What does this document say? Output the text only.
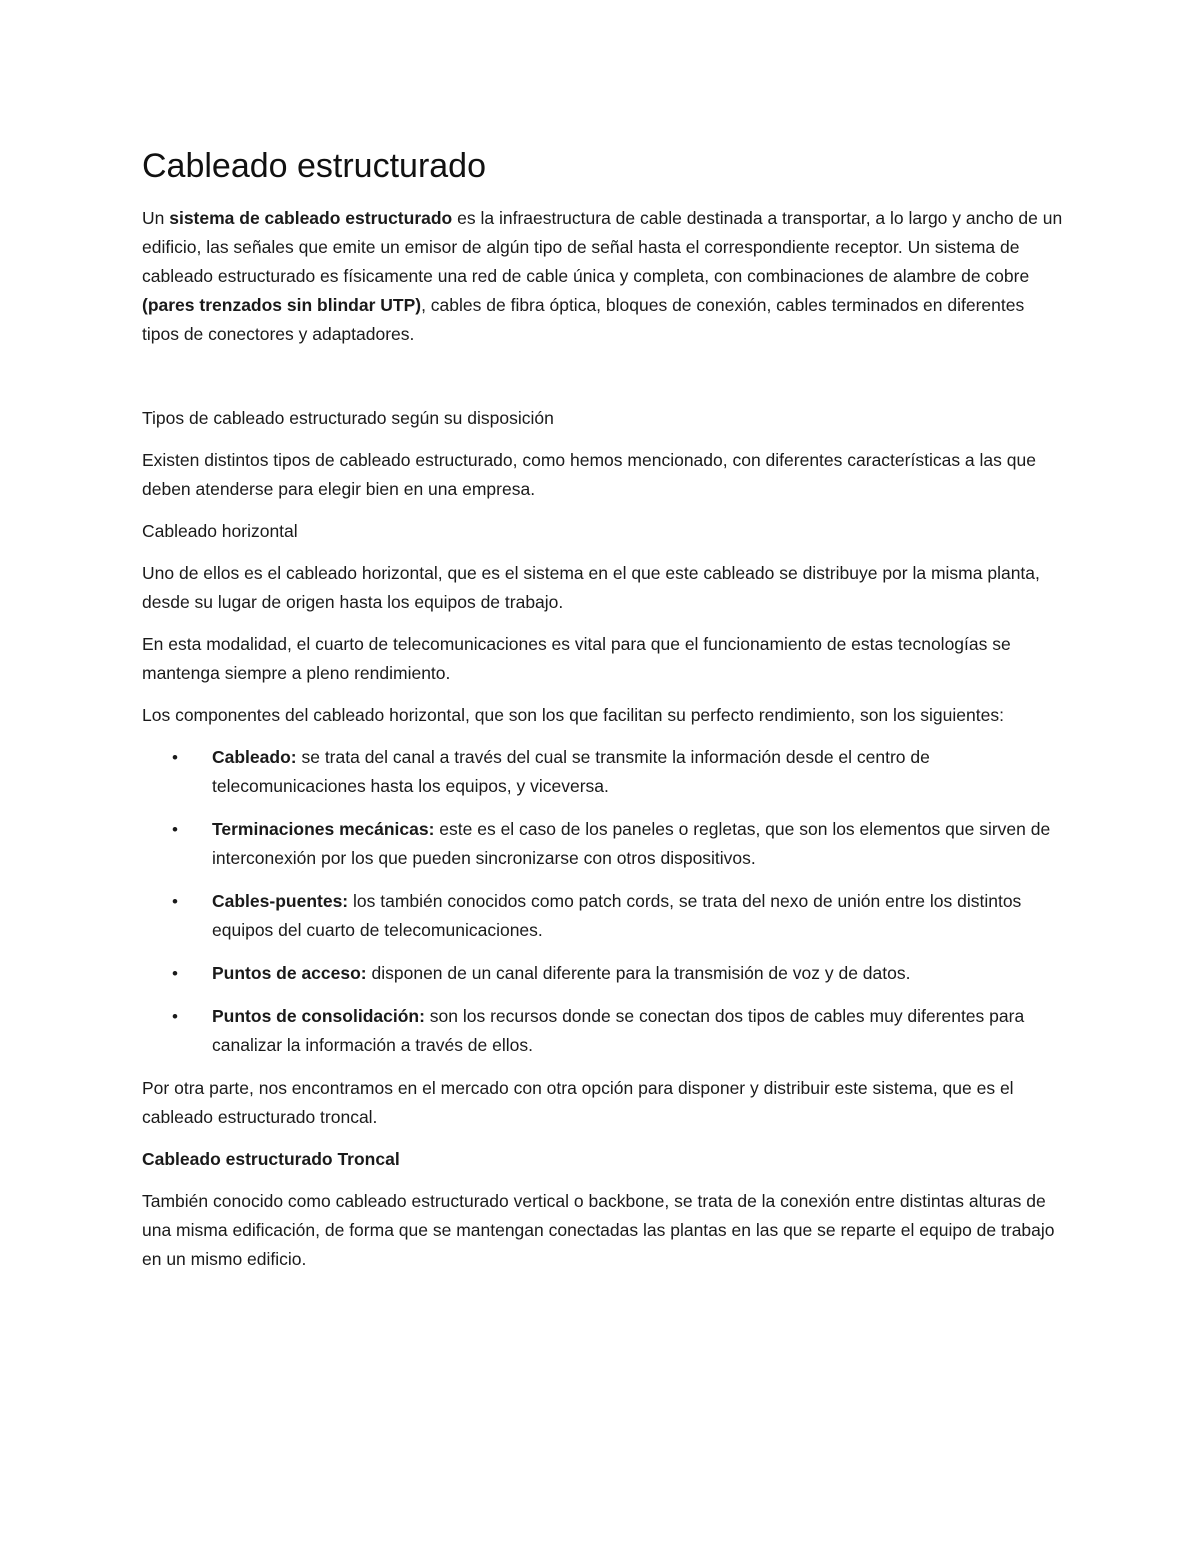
Cableado estructurado

Un sistema de cableado estructurado es la infraestructura de cable destinada a transportar, a lo largo y ancho de un edificio, las señales que emite un emisor de algún tipo de señal hasta el correspondiente receptor. Un sistema de cableado estructurado es físicamente una red de cable única y completa, con combinaciones de alambre de cobre (pares trenzados sin blindar UTP), cables de fibra óptica, bloques de conexión, cables terminados en diferentes tipos de conectores y adaptadores.

Tipos de cableado estructurado según su disposición

Existen distintos tipos de cableado estructurado, como hemos mencionado, con diferentes características a las que deben atenderse para elegir bien en una empresa.

Cableado horizontal

Uno de ellos es el cableado horizontal, que es el sistema en el que este cableado se distribuye por la misma planta, desde su lugar de origen hasta los equipos de trabajo.

En esta modalidad, el cuarto de telecomunicaciones es vital para que el funcionamiento de estas tecnologías se mantenga siempre a pleno rendimiento.

Los componentes del cableado horizontal, que son los que facilitan su perfecto rendimiento, son los siguientes:

• Cableado: se trata del canal a través del cual se transmite la información desde el centro de telecomunicaciones hasta los equipos, y viceversa.
• Terminaciones mecánicas: este es el caso de los paneles o regletas, que son los elementos que sirven de interconexión por los que pueden sincronizarse con otros dispositivos.
• Cables-puentes: los también conocidos como patch cords, se trata del nexo de unión entre los distintos equipos del cuarto de telecomunicaciones.
• Puntos de acceso: disponen de un canal diferente para la transmisión de voz y de datos.
• Puntos de consolidación: son los recursos donde se conectan dos tipos de cables muy diferentes para canalizar la información a través de ellos.

Por otra parte, nos encontramos en el mercado con otra opción para disponer y distribuir este sistema, que es el cableado estructurado troncal.

Cableado estructurado Troncal

También conocido como cableado estructurado vertical o backbone, se trata de la conexión entre distintas alturas de una misma edificación, de forma que se mantengan conectadas las plantas en las que se reparte el equipo de trabajo en un mismo edificio.
